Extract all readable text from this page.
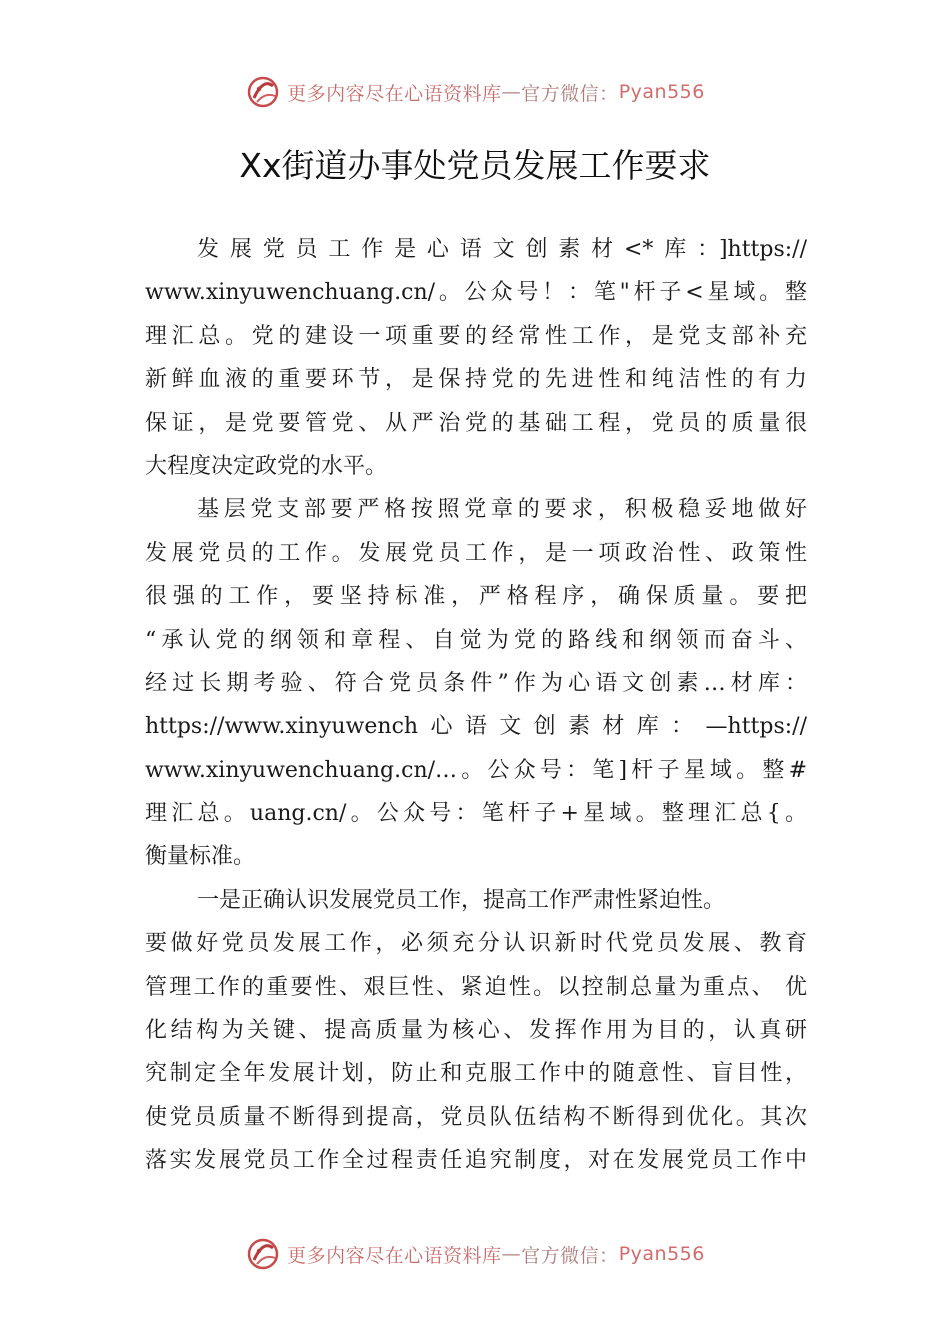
更多内容尽在心语资料库 — 官方微信： Pyan556
Xx街道办事处党员发展工作要求
发展党员工作是心语文创素材<*库：]https://
www.xinyuwenchuang.cn/。公众号！：笔"杆子<星域。整
理汇总。党的建设一项重要的经常性工作，是党支部补充
新鲜血液的重要环节，是保持党的先进性和纯洁性的有力
保证，是党要管党、从严治党的基础工程，党员的质量很
大程度决定政党的水平。
基层党支部要严格按照党章的要求，积极稳妥地做好
发展党员的工作。发展党员工作，是一项政治性、政策性
很强的工作，要坚持标准，严格程序，确保质量。要把
“承认党的纲领和章程、自觉为党的路线和纲领而奋斗、
经过长期考验、符合党员条件”作为心语文创素…材库：
https://www.xinyuwench心语文创素材库：—https://
www.xinyuwenchuang.cn/…。公众号：笔]杆子星域。整#
理汇总。uang.cn/。公众号：笔杆子+星域。整理汇总{。
衡量标准。
一是正确认识发展党员工作，提高工作严肃性紧迫性。
要做好党员发展工作，必须充分认识新时代党员发展、教育
管理工作的重要性、艰巨性、紧迫性。以控制总量为重点、 优
化结构为关键、提高质量为核心、发挥作用为目的，认真研
究制定全年发展计划，防止和克服工作中的随意性、盲目性，
使党员质量不断得到提高，党员队伍结构不断得到优化。其次
落实发展党员工作全过程责任追究制度，对在发展党员工作中
更多内容尽在心语资料库 — 官方微信： Pyan556
